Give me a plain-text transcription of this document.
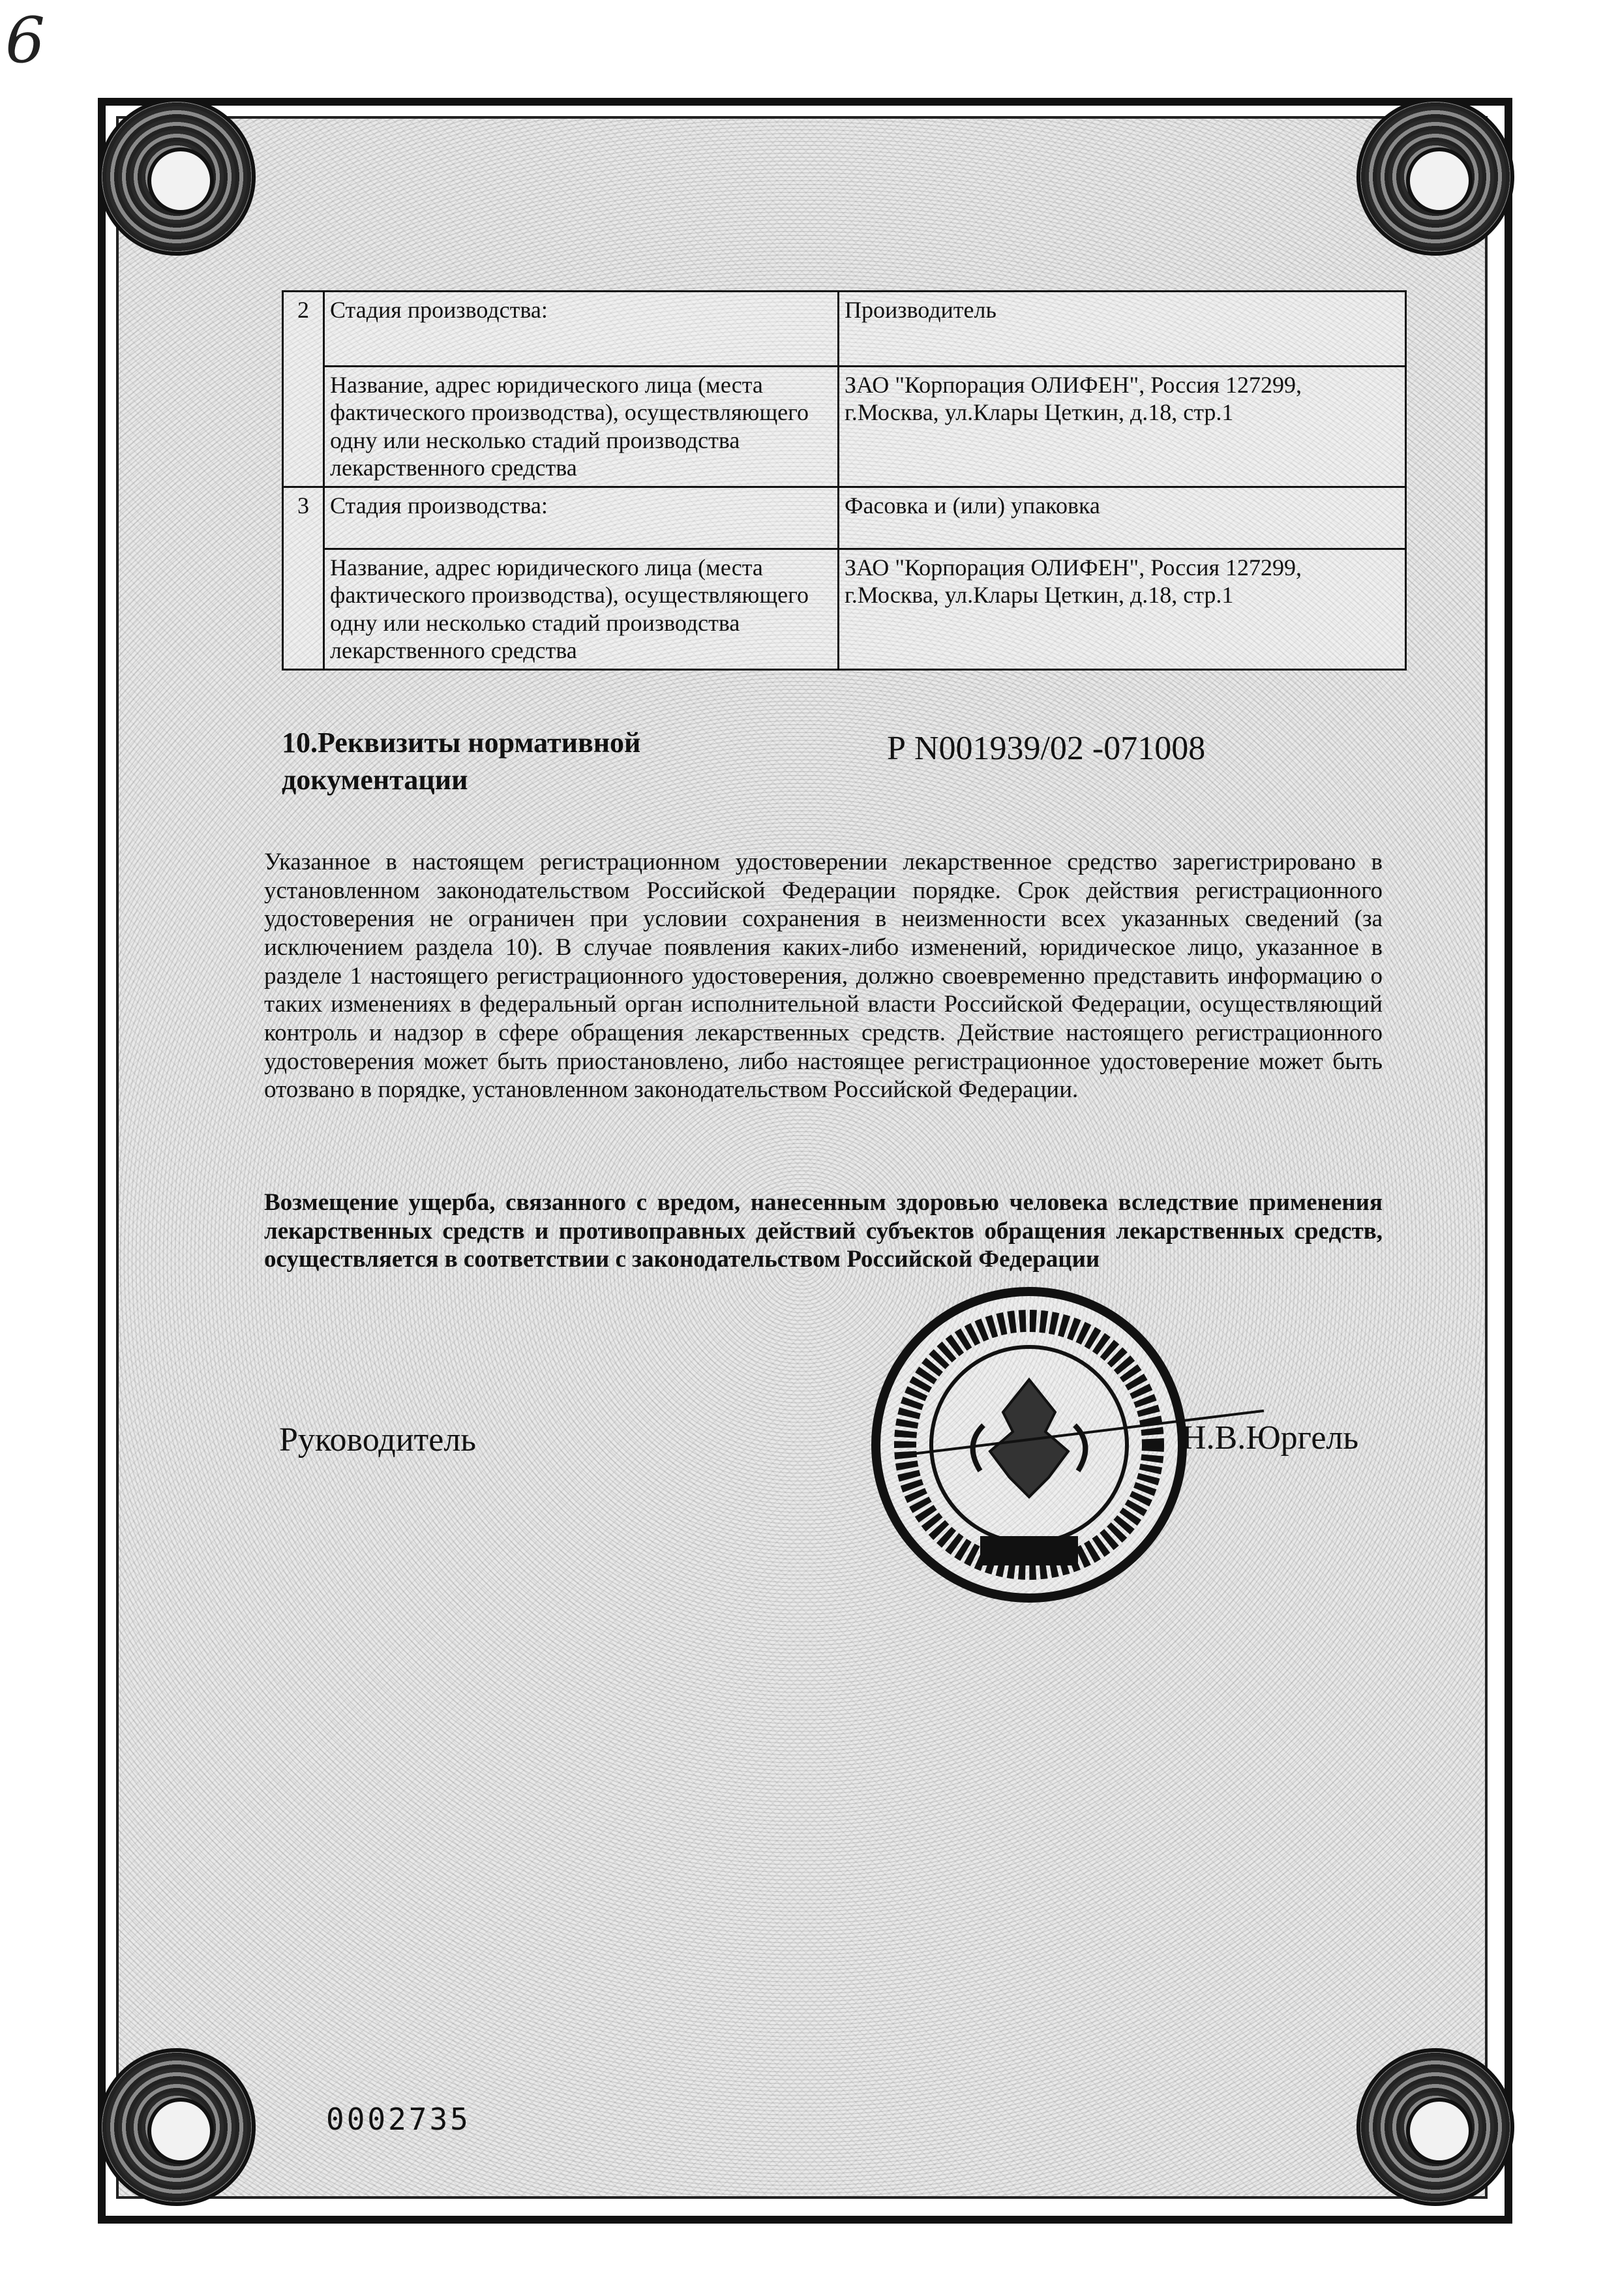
6
2	Стадия производства:	Производитель
	Название, адрес юридического лица (места фактического производства), осуществляющего одну или несколько стадий производства лекарственного средства	ЗАО "Корпорация ОЛИФЕН", Россия 127299, г.Москва, ул.Клары Цеткин, д.18, стр.1
3	Стадия производства:	Фасовка и (или) упаковка
	Название, адрес юридического лица (места фактического производства), осуществляющего одну или несколько стадий производства лекарственного средства	ЗАО "Корпорация ОЛИФЕН", Россия 127299, г.Москва, ул.Клары Цеткин, д.18, стр.1
10.Реквизиты нормативной документации
Р N001939/02 -071008
Указанное в настоящем регистрационном удостоверении лекарственное средство зарегистрировано в установленном законодательством Российской Федерации порядке. Срок действия регистрационного удостоверения не ограничен при условии сохранения в неизменности всех указанных сведений (за исключением раздела 10). В случае появления каких-либо изменений, юридическое лицо, указанное в разделе 1 настоящего регистрационного удостоверения, должно своевременно представить информацию о таких изменениях в федеральный орган исполнительной власти Российской Федерации, осуществляющий контроль и надзор в сфере обращения лекарственных средств. Действие настоящего регистрационного удостоверения может быть приостановлено, либо настоящее регистрационное удостоверение может быть отозвано в порядке, установленном законодательством Российской Федерации.
Возмещение ущерба, связанного с вредом, нанесенным здоровью человека вследствие применения лекарственных средств и противоправных действий субъектов обращения лекарственных средств, осуществляется в соответствии с законодательством Российской Федерации
Руководитель	Н.В.Юргель
0002735
